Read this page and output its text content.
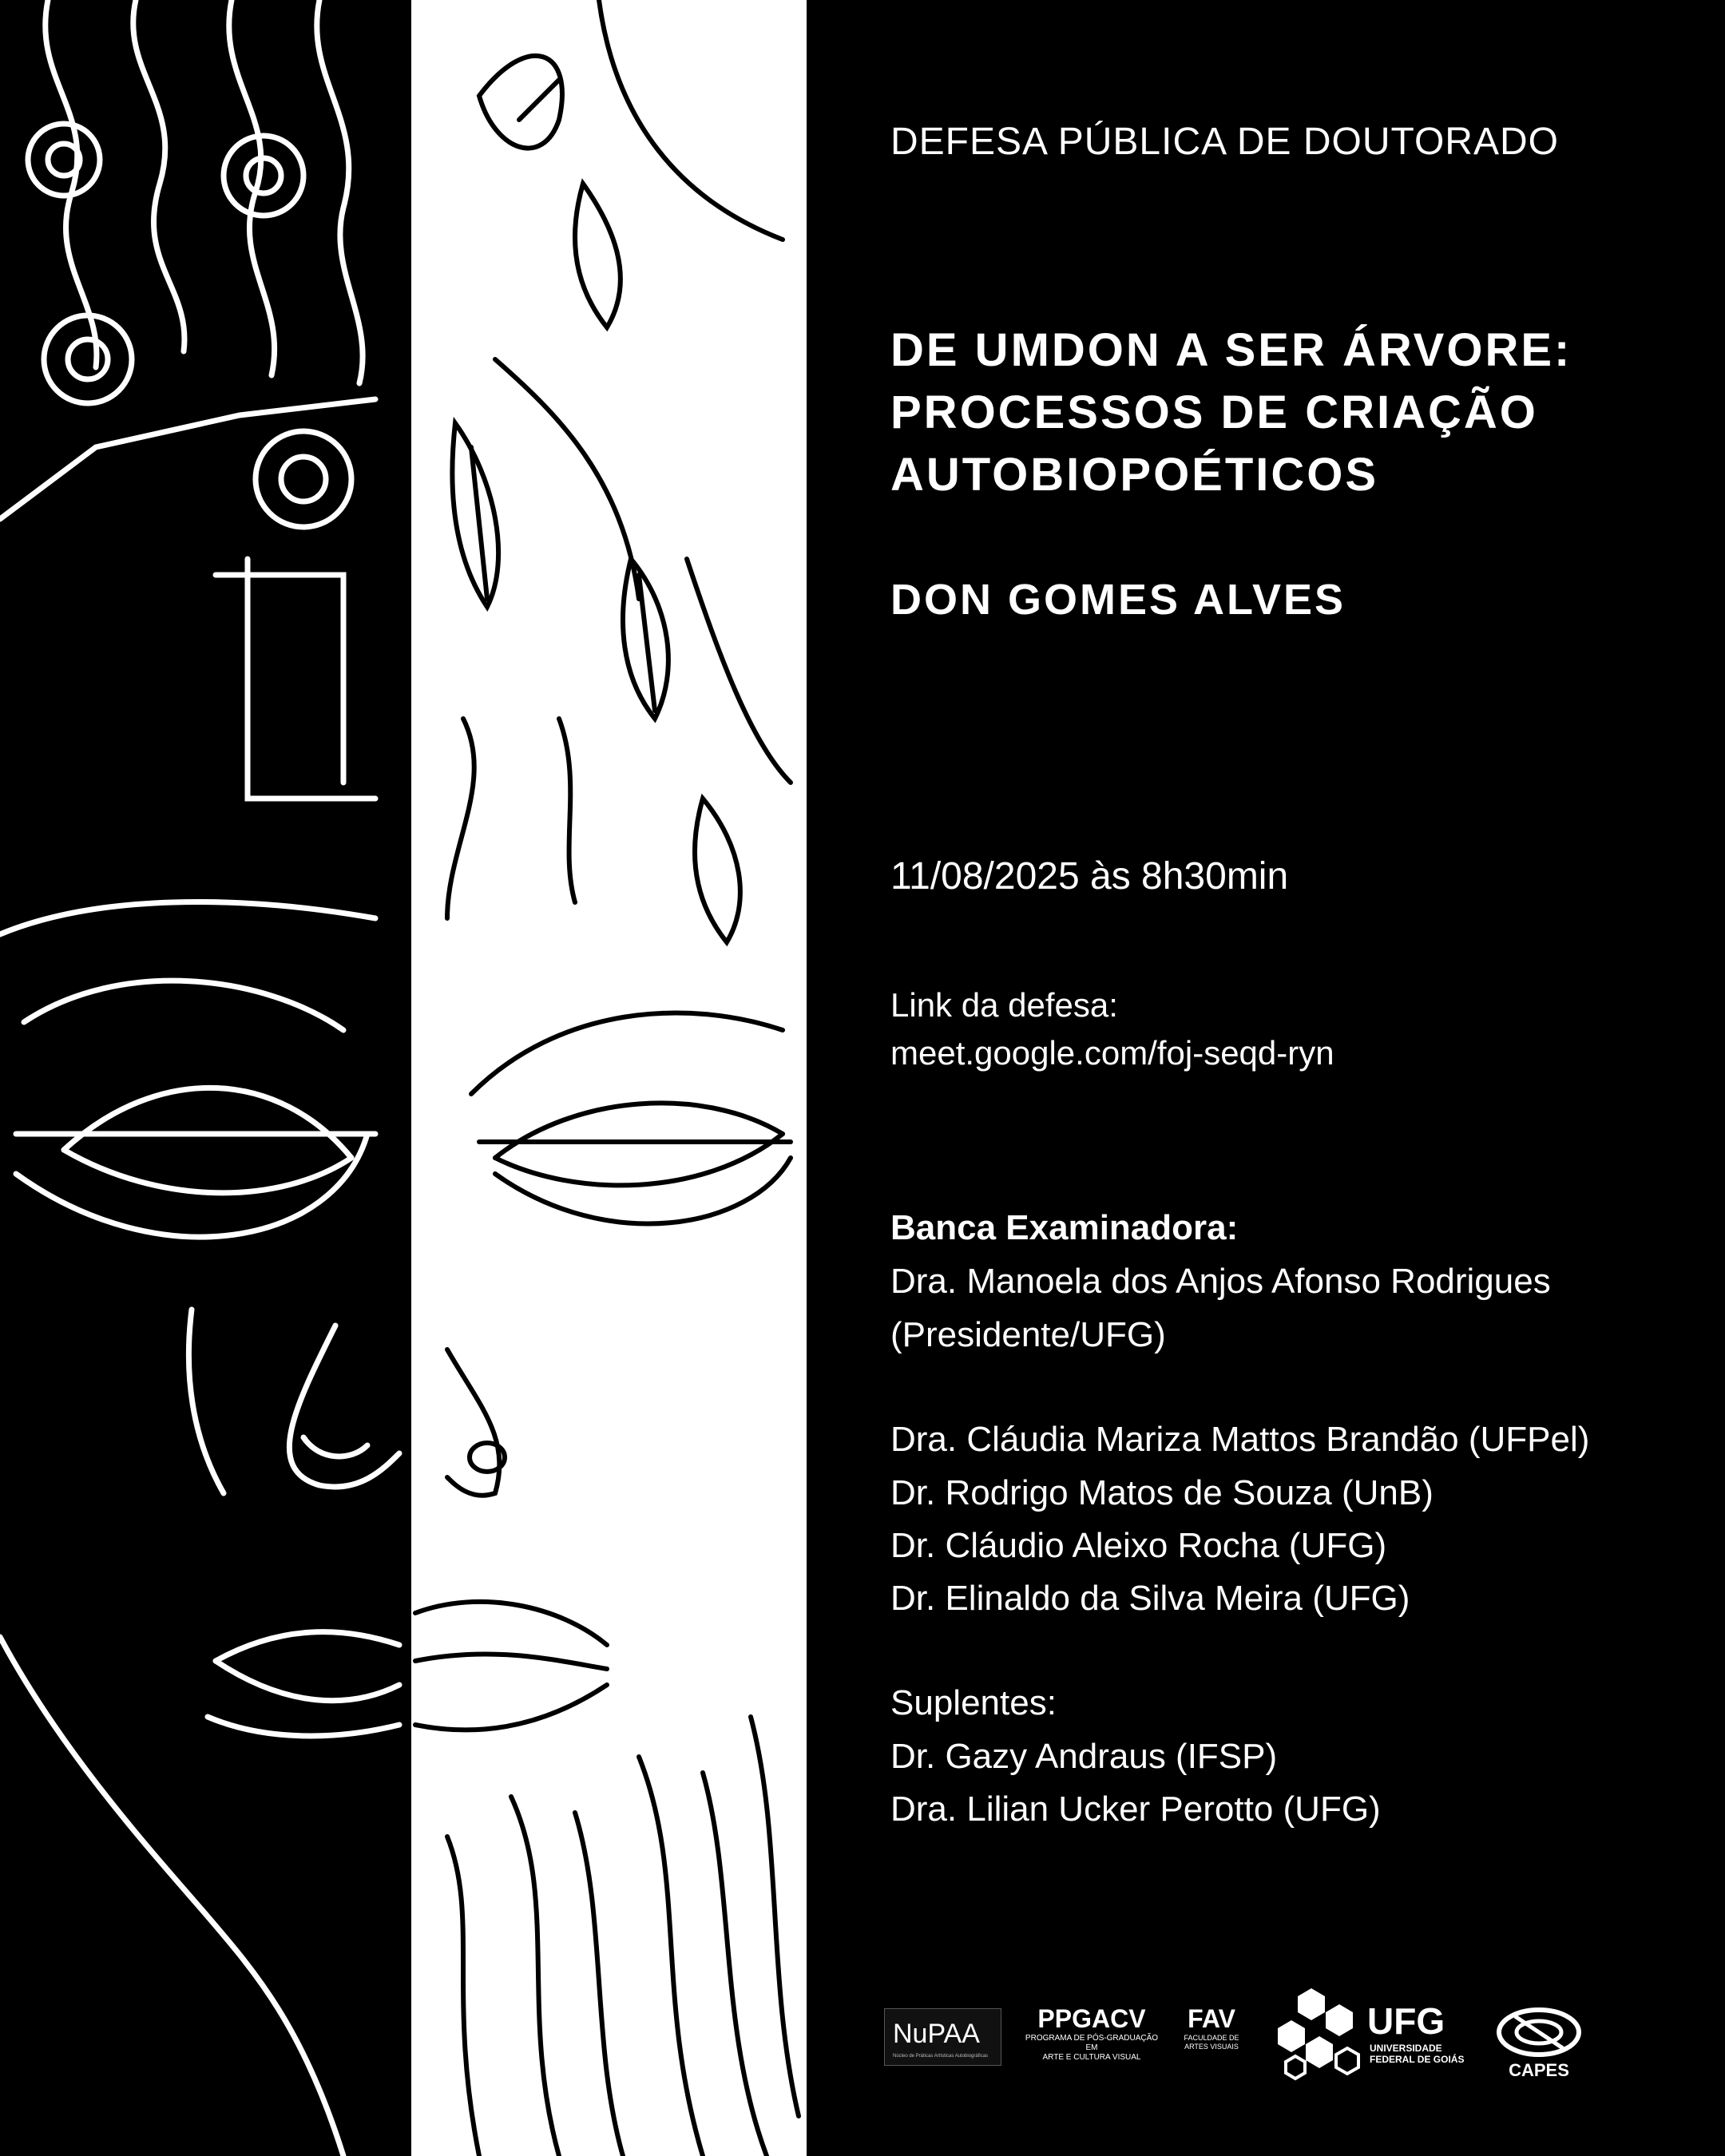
DEFESA PÚBLICA DE DOUTORADO
DE UMDON A SER ÁRVORE:
PROCESSOS DE CRIAÇÃO
AUTOBIOPOÉTICOS
DON GOMES ALVES
11/08/2025 às 8h30min
Link da defesa:
meet.google.com/foj-seqd-ryn
Banca Examinadora:
Dra. Manoela dos Anjos Afonso Rodrigues
(Presidente/UFG)
Dra. Cláudia Mariza Mattos Brandão (UFPel)
Dr. Rodrigo Matos de Souza (UnB)
Dr. Cláudio Aleixo Rocha (UFG)
Dr. Elinaldo da Silva Meira (UFG)
Suplentes:
Dr. Gazy Andraus (IFSP)
Dra. Lilian Ucker Perotto (UFG)
NuPAA
Núcleo de Práticas Artísticas Autobiográficas
PPGACV
PROGRAMA DE PÓS-GRADUAÇÃO EM
ARTE E CULTURA VISUAL
FAV
FACULDADE DE
ARTES VISUAIS
UFG
UNIVERSIDADE
FEDERAL DE GOIÁS
CAPES
